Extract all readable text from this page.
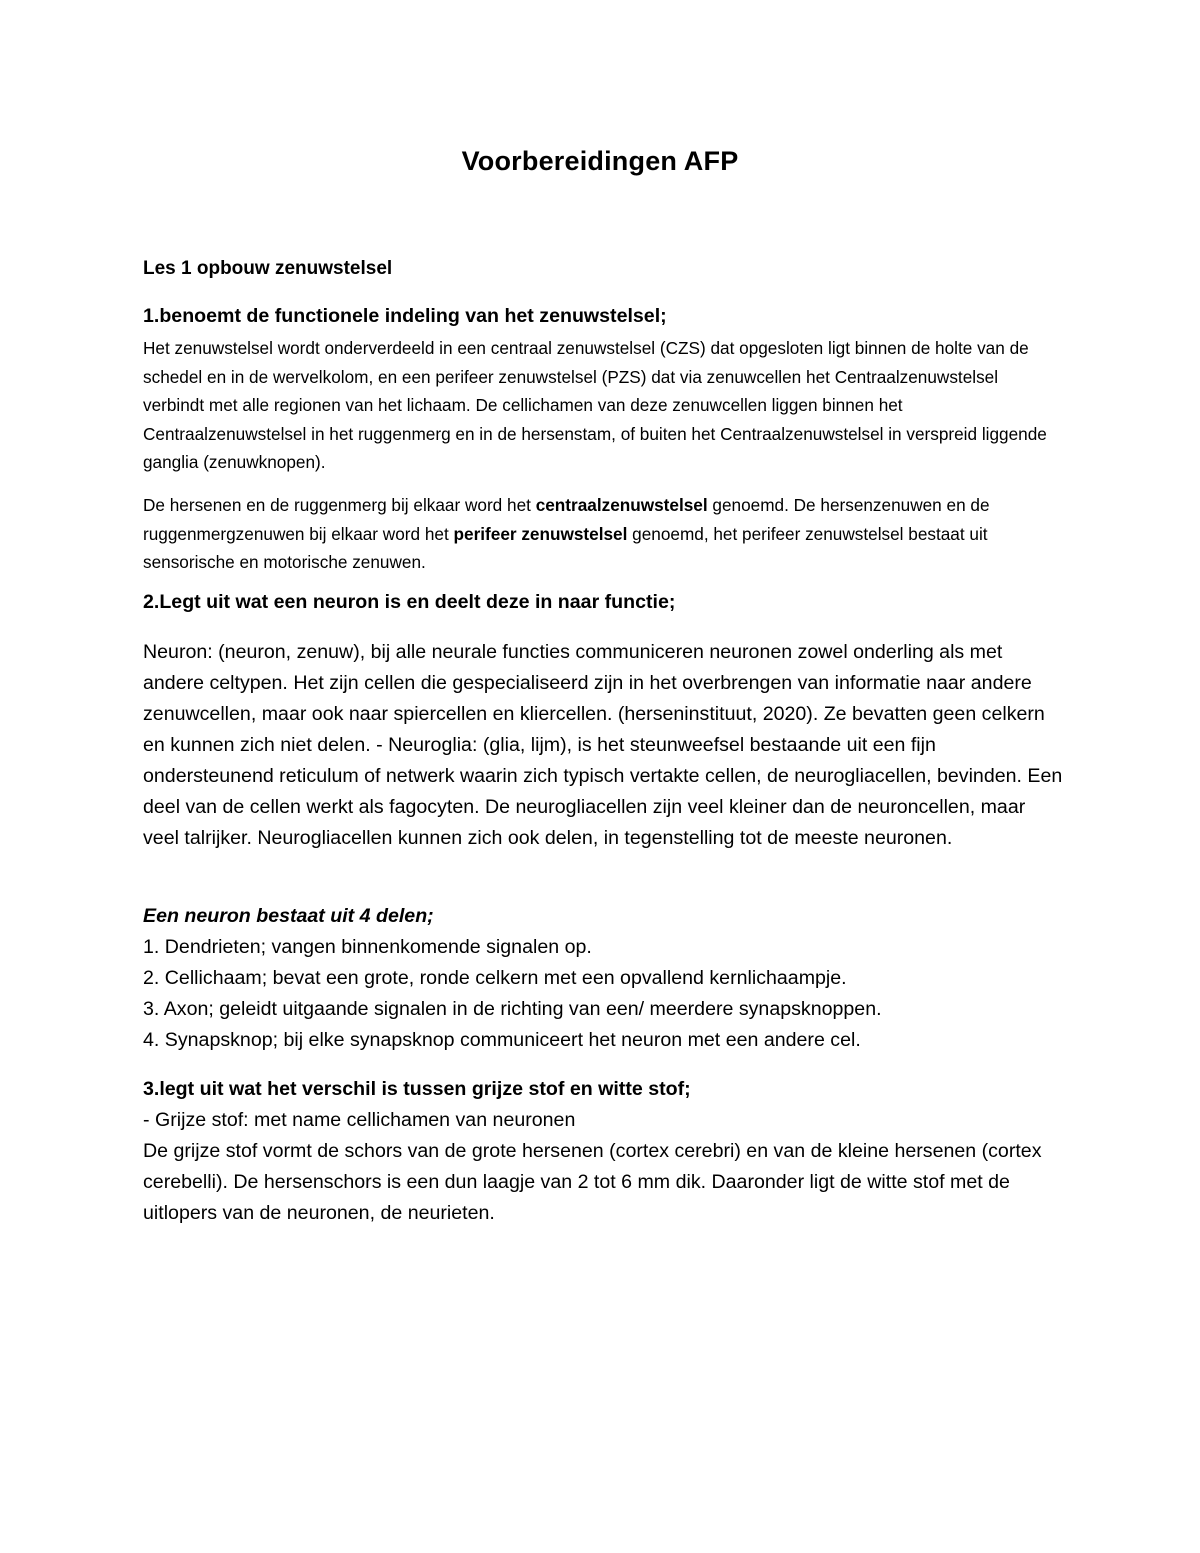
Voorbereidingen AFP
Les 1 opbouw zenuwstelsel
1.benoemt de functionele indeling van het zenuwstelsel;

Het zenuwstelsel wordt onderverdeeld in een centraal zenuwstelsel (CZS) dat opgesloten ligt binnen de holte van de schedel en in de wervelkolom, en een perifeer zenuwstelsel (PZS) dat via zenuwcellen het Centraalzenuwstelsel verbindt met alle regionen van het lichaam. De cellichamen van deze zenuwcellen liggen binnen het Centraalzenuwstelsel in het ruggenmerg en in de hersenstam, of buiten het Centraalzenuwstelsel in verspreid liggende ganglia (zenuwknopen).

De hersenen en de ruggenmerg bij elkaar word het centraalzenuwstelsel genoemd. De hersenzenuwen en de ruggenmergzenuwen bij elkaar word het perifeer zenuwstelsel genoemd, het perifeer zenuwstelsel bestaat uit sensorische en motorische zenuwen.

2.Legt uit wat een neuron is en deelt deze in naar functie;

Neuron: (neuron, zenuw), bij alle neurale functies communiceren neuronen zowel onderling als met andere celtypen. Het zijn cellen die gespecialiseerd zijn in het overbrengen van informatie naar andere zenuwcellen, maar ook naar spiercellen en kliercellen. (herseninstituut, 2020). Ze bevatten geen celkern en kunnen zich niet delen. - Neuroglia: (glia, lijm), is het steunweefsel bestaande uit een fijn ondersteunend reticulum of netwerk waarin zich typisch vertakte cellen, de neurogliacellen, bevinden. Een deel van de cellen werkt als fagocyten. De neurogliacellen zijn veel kleiner dan de neuroncellen, maar veel talrijker. Neurogliacellen kunnen zich ook delen, in tegenstelling tot de meeste neuronen.

Een neuron bestaat uit 4 delen;
1. Dendrieten; vangen binnenkomende signalen op.
2. Cellichaam; bevat een grote, ronde celkern met een opvallend kernlichaampje.
3. Axon; geleidt uitgaande signalen in de richting van een/ meerdere synapsknoppen.
4. Synapsknop; bij elke synapsknop communiceert het neuron met een andere cel.
3.legt uit wat het verschil is tussen grijze stof en witte stof;
- Grijze stof: met name cellichamen van neuronen

De grijze stof vormt de schors van de grote hersenen (cortex cerebri) en van de kleine hersenen (cortex cerebelli). De hersenschors is een dun laagje van 2 tot 6 mm dik. Daaronder ligt de witte stof met de uitlopers van de neuronen, de neurieten.
